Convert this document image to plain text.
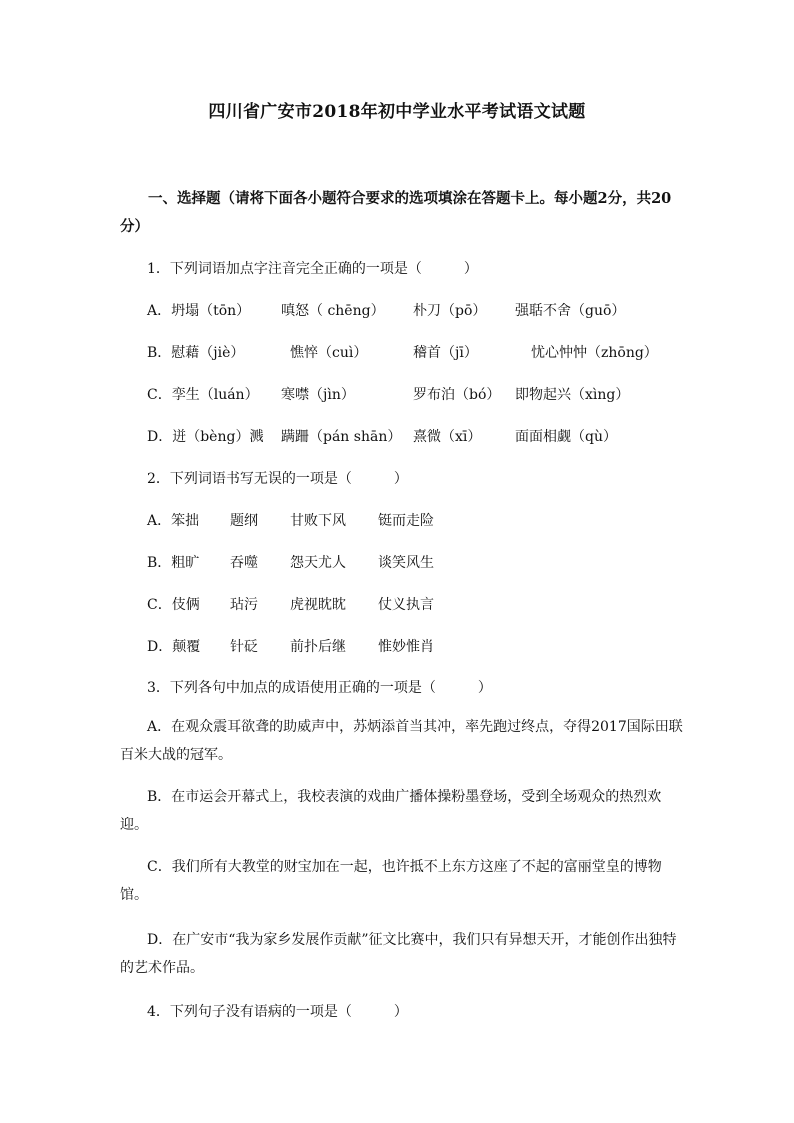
四川省广安市2018年初中学业水平考试语文试题
一、选择题（请将下面各小题符合要求的选项填涂在答题卡上。每小题2分，共20分）
1．下列词语加点字注音完全正确的一项是（　　　）
A．坍塌（tōn） 嗔怒（ chēng） 朴刀（pō） 强聒不舍（guō）
B．慰藉（jiè）	憔悴（cuì）	稽首（jī）	忧心忡忡（zhōng）
C．孪生（luán） 寒噤（jìn）	罗布泊（bó） 即物起兴（xìng）
D．迸（bèng）溅 蹒跚（pán shān） 熹微（xī） 面面相觑（qù）
2．下列词语书写无误的一项是（　　　）
A．笨拙 题纲 甘败下风 铤而走险
B．粗旷 吞噬 怨天尤人 谈笑风生
C．伎俩 玷污 虎视眈眈 仗义执言
D．颠覆 针砭 前扑后继 惟妙惟肖
3．下列各句中加点的成语使用正确的一项是（　　　）
A．在观众震耳欲聋的助威声中，苏炳添首当其冲，率先跑过终点，夺得2017国际田联百米大战的冠军。
B．在市运会开幕式上，我校表演的戏曲广播体操粉墨登场，受到全场观众的热烈欢迎。
C．我们所有大教堂的财宝加在一起，也许抵不上东方这座了不起的富丽堂皇的博物馆。
D．在广安市“我为家乡发展作贡献”征文比赛中，我们只有异想天开，才能创作出独特的艺术作品。
4．下列句子没有语病的一项是（　　　）
